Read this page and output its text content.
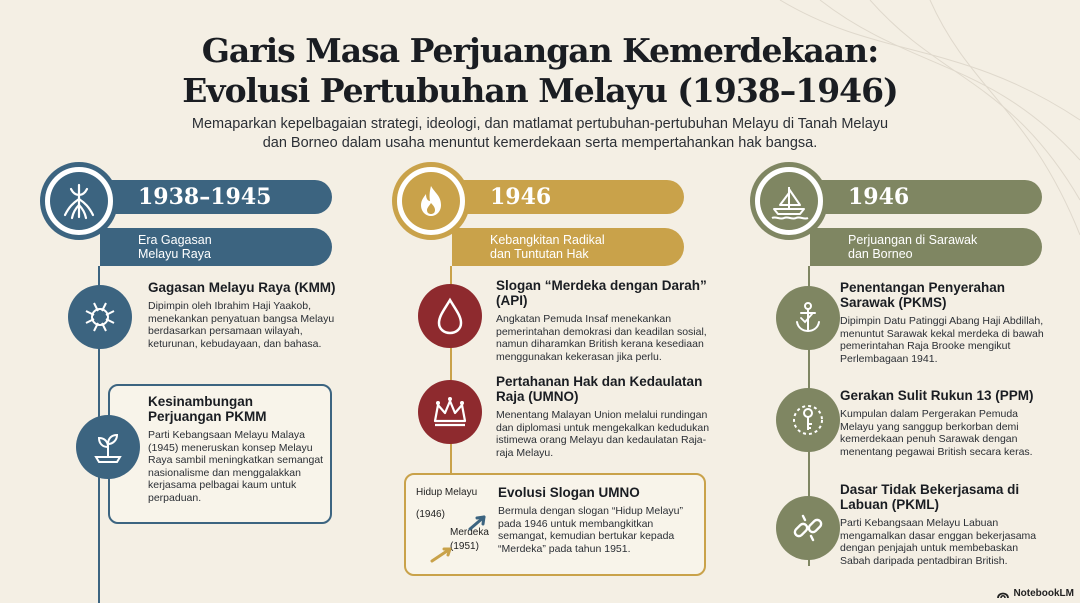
Garis Masa Perjuangan Kemerdekaan:
Evolusi Pertubuhan Melayu (1938–1946)
Memaparkan kepelbagaian strategi, ideologi, dan matlamat pertubuhan-pertubuhan Melayu di Tanah Melayu dan Borneo dalam usaha menuntut kemerdekaan serta mempertahankan hak bangsa.
1938–1945
Era Gagasan
Melayu Raya
Gagasan Melayu Raya (KMM)
Dipimpin oleh Ibrahim Haji Yaakob, menekankan penyatuan bangsa Melayu berdasarkan persamaan wilayah, keturunan, kebudayaan, dan bahasa.
Kesinambungan Perjuangan PKMM
Parti Kebangsaan Melayu Malaya (1945) meneruskan konsep Melayu Raya sambil meningkatkan semangat nasionalisme dan menggalakkan kerjasama pelbagai kaum untuk perpaduan.
1946
Kebangkitan Radikal
dan Tuntutan Hak
Slogan “Merdeka dengan Darah” (API)
Angkatan Pemuda Insaf menekankan pemerintahan demokrasi dan keadilan sosial, namun diharamkan British kerana kesediaan menggunakan kekerasan jika perlu.
Pertahanan Hak dan Kedaulatan Raja (UMNO)
Menentang Malayan Union melalui rundingan dan diplomasi untuk mengekalkan kedudukan istimewa orang Melayu dan kedaulatan Raja-raja Melayu.
Hidup Melayu
(1946)
Merdeka
(1951)
Evolusi Slogan UMNO
Bermula dengan slogan “Hidup Melayu” pada 1946 untuk membangkitkan semangat, kemudian bertukar kepada “Merdeka” pada tahun 1951.
1946
Perjuangan di Sarawak
dan Borneo
Penentangan Penyerahan Sarawak (PKMS)
Dipimpin Datu Patinggi Abang Haji Abdillah, menuntut Sarawak kekal merdeka di bawah pemerintahan Raja Brooke mengikut Perlembagaan 1941.
Gerakan Sulit Rukun 13 (PPM)
Kumpulan dalam Pergerakan Pemuda Melayu yang sanggup berkorban demi kemerdekaan penuh Sarawak dengan menentang pegawai British secara keras.
Dasar Tidak Bekerjasama di Labuan (PKML)
Parti Kebangsaan Melayu Labuan mengamalkan dasar enggan bekerjasama dengan penjajah untuk membebaskan Sabah daripada pentadbiran British.
NotebookLM
